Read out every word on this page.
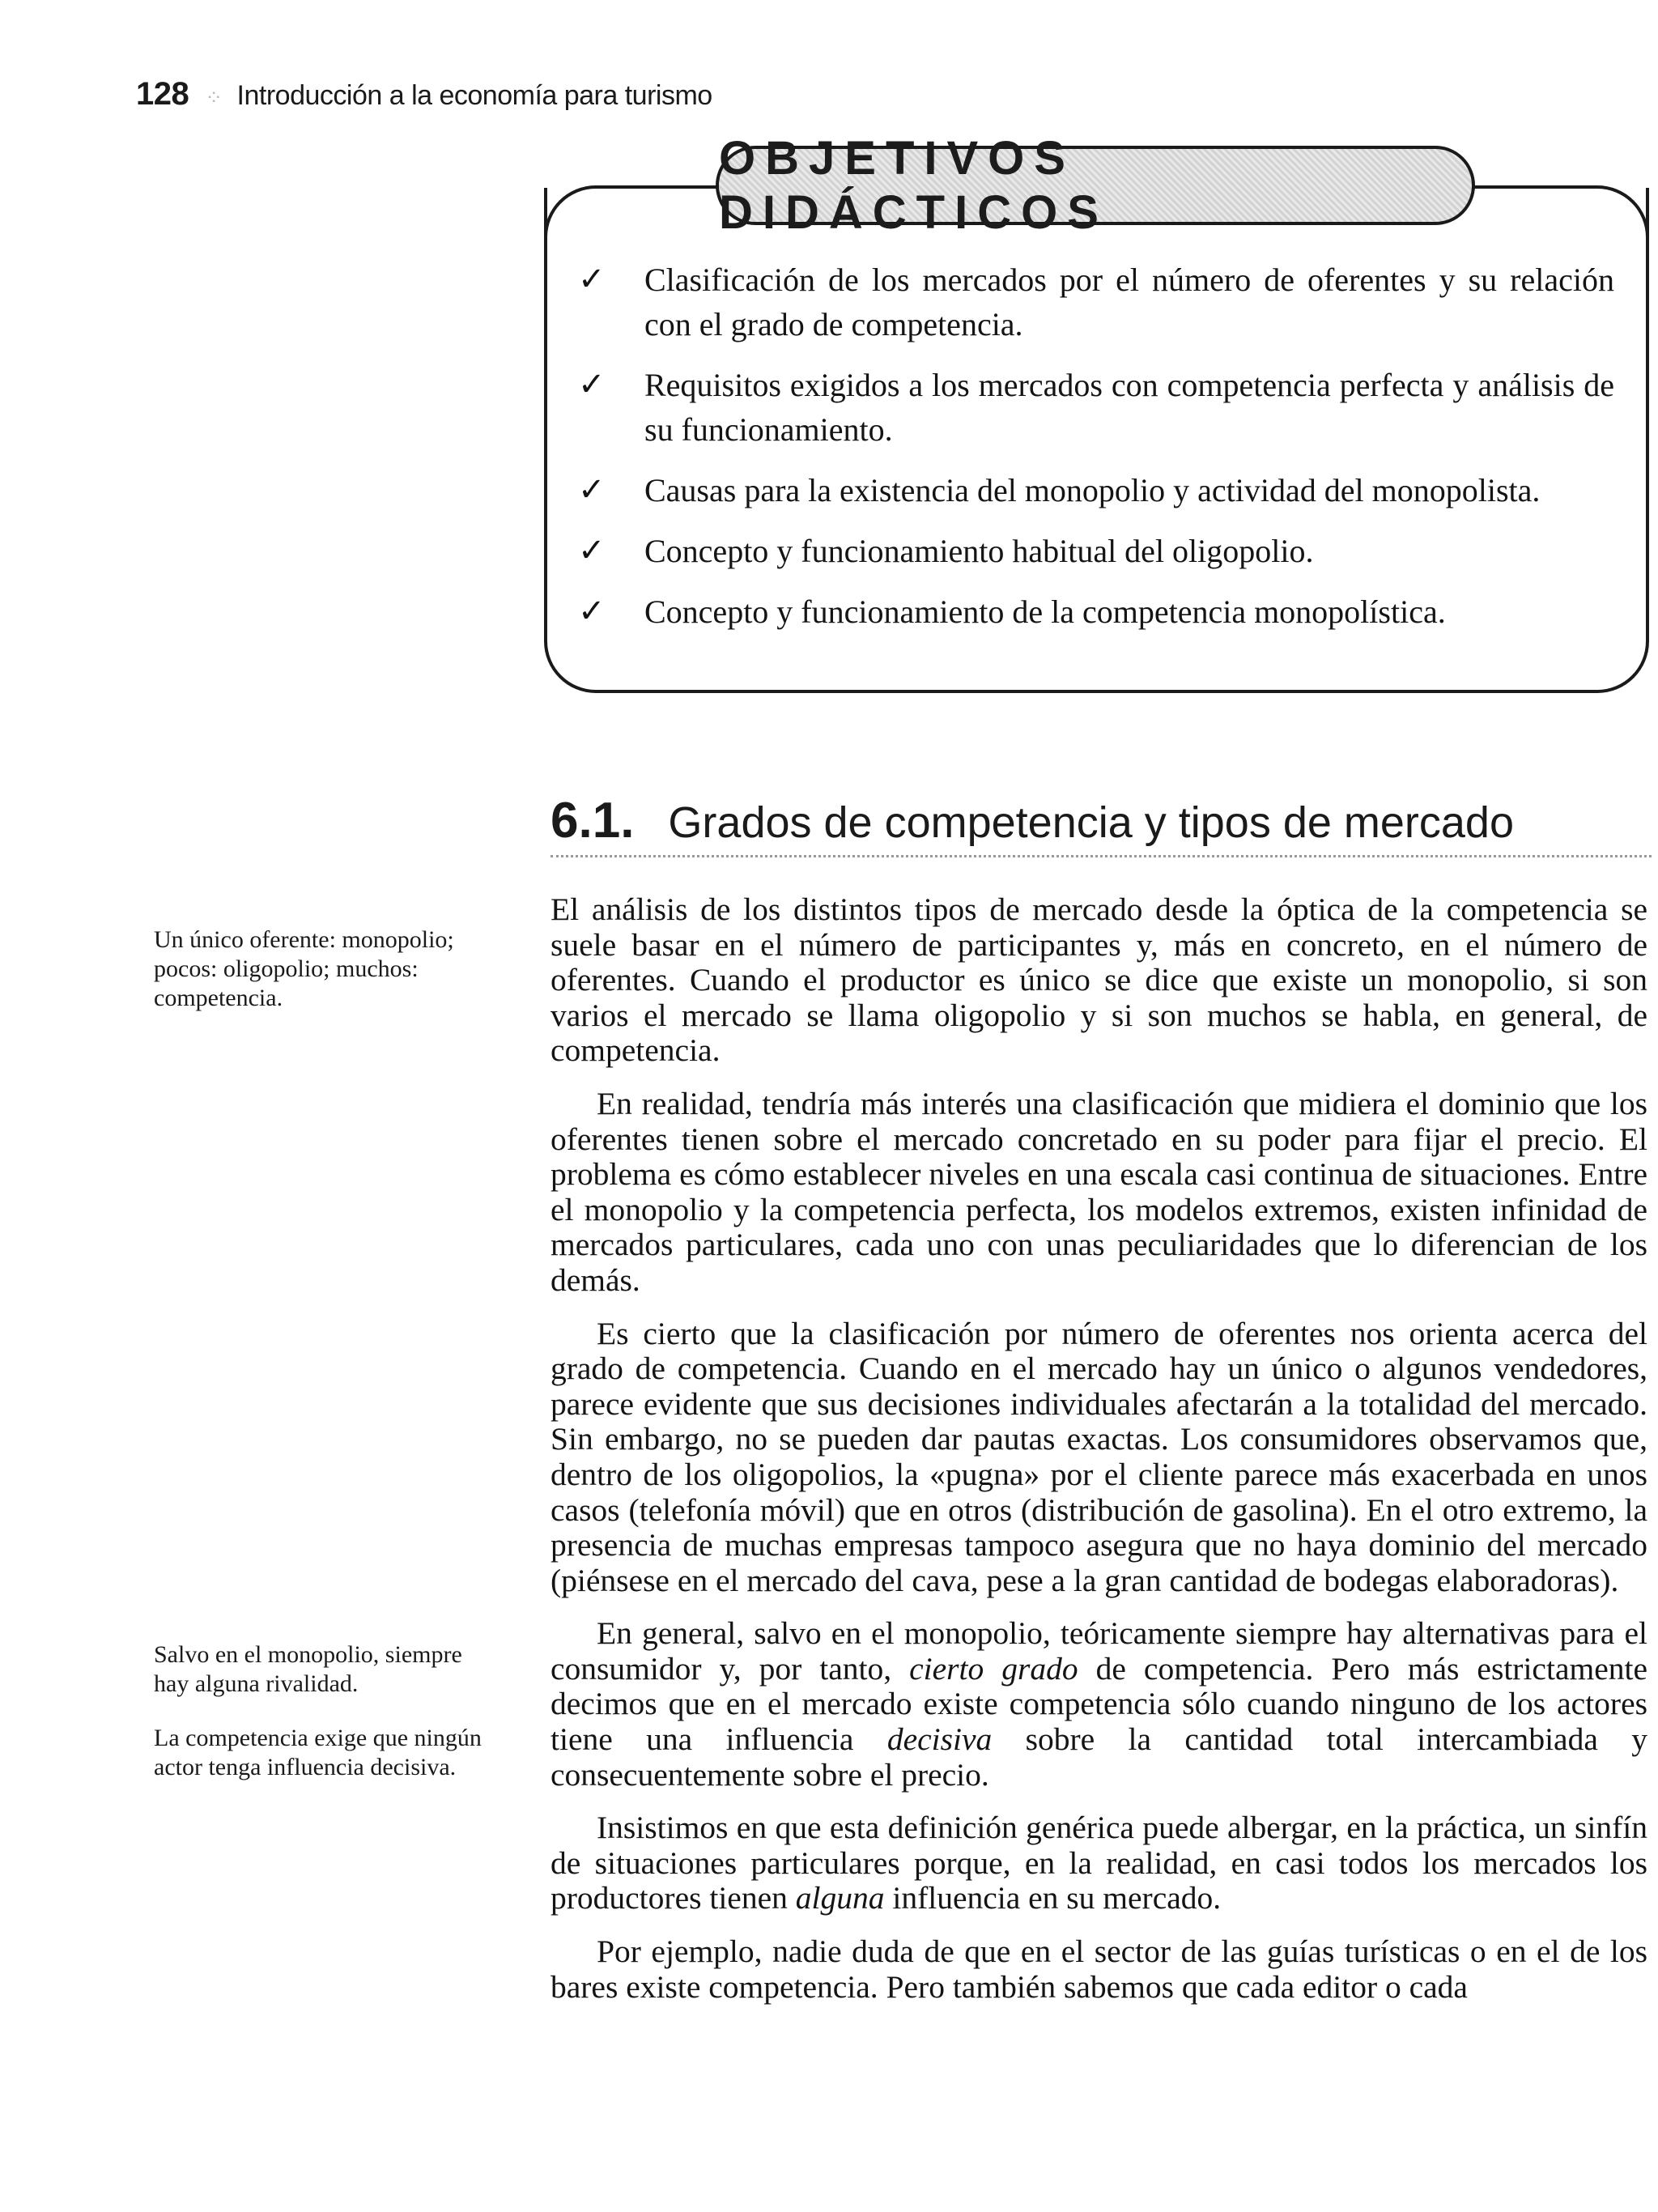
128 ⁘ Introducción a la economía para turismo
OBJETIVOS DIDÁCTICOS
✓ Clasificación de los mercados por el número de oferentes y su relación con el grado de competencia.
✓ Requisitos exigidos a los mercados con competencia perfecta y análisis de su funcionamiento.
✓ Causas para la existencia del monopolio y actividad del monopolista.
✓ Concepto y funcionamiento habitual del oligopolio.
✓ Concepto y funcionamiento de la competencia monopolística.
6.1. Grados de competencia y tipos de mercado
Un único oferente: monopolio; pocos: oligopolio; muchos: competencia.
Salvo en el monopolio, siempre hay alguna rivalidad.
La competencia exige que ningún actor tenga influencia decisiva.

El análisis de los distintos tipos de mercado desde la óptica de la competencia se suele basar en el número de participantes y, más en concreto, en el número de oferentes. Cuando el productor es único se dice que existe un monopolio, si son varios el mercado se llama oligopolio y si son muchos se habla, en general, de competencia.

En realidad, tendría más interés una clasificación que midiera el dominio que los oferentes tienen sobre el mercado concretado en su poder para fijar el precio. El problema es cómo establecer niveles en una escala casi continua de situaciones. Entre el monopolio y la competencia perfecta, los modelos extremos, existen infinidad de mercados particulares, cada uno con unas peculiaridades que lo diferencian de los demás.

Es cierto que la clasificación por número de oferentes nos orienta acerca del grado de competencia. Cuando en el mercado hay un único o algunos vendedores, parece evidente que sus decisiones individuales afectarán a la totalidad del mercado. Sin embargo, no se pueden dar pautas exactas. Los consumidores observamos que, dentro de los oligopolios, la «pugna» por el cliente parece más exacerbada en unos casos (telefonía móvil) que en otros (distribución de gasolina). En el otro extremo, la presencia de muchas empresas tampoco asegura que no haya dominio del mercado (piénsese en el mercado del cava, pese a la gran cantidad de bodegas elaboradoras).

En general, salvo en el monopolio, teóricamente siempre hay alternativas para el consumidor y, por tanto, cierto grado de competencia. Pero más estrictamente decimos que en el mercado existe competencia sólo cuando ninguno de los actores tiene una influencia decisiva sobre la cantidad total intercambiada y consecuentemente sobre el precio.

Insistimos en que esta definición genérica puede albergar, en la práctica, un sinfín de situaciones particulares porque, en la realidad, en casi todos los mercados los productores tienen alguna influencia en su mercado.

Por ejemplo, nadie duda de que en el sector de las guías turísticas o en el de los bares existe competencia. Pero también sabemos que cada editor o cada
